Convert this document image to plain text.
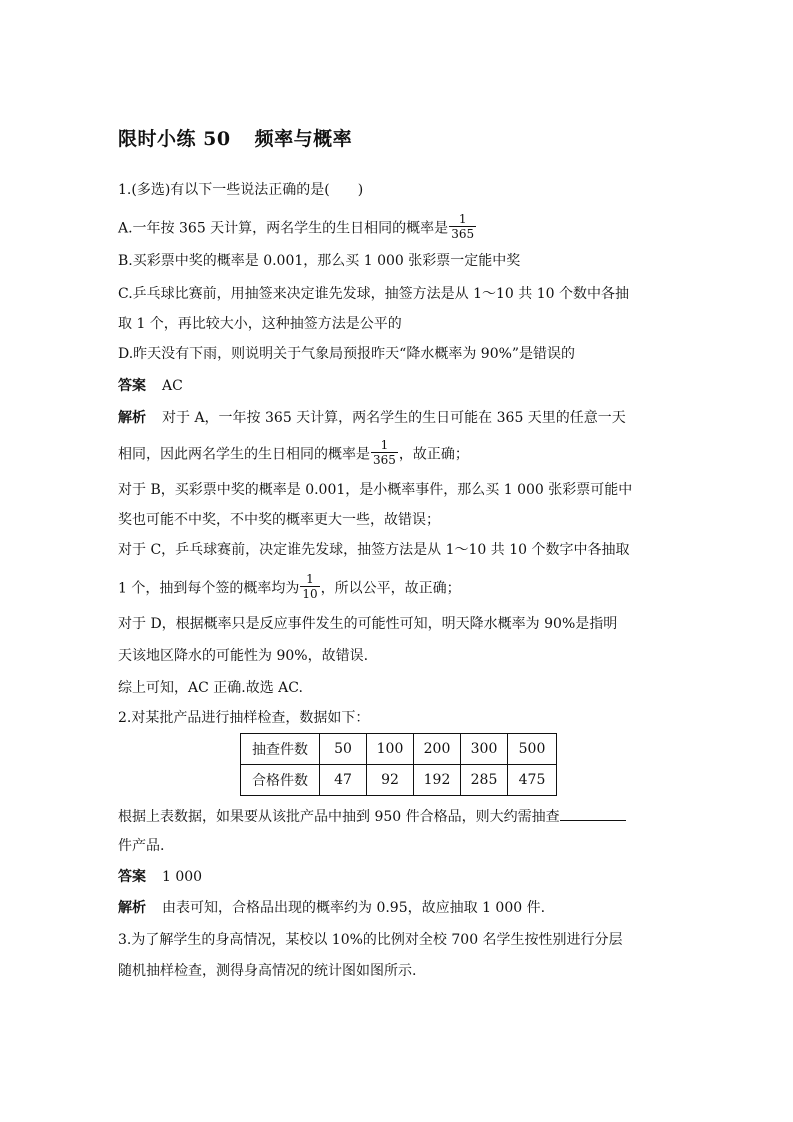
限时小练 50 频率与概率
1.(多选)有以下一些说法正确的是(　　)
A.一年按 365 天计算，两名学生的生日相同的概率是 $\frac{1}{365}$
B.买彩票中奖的概率是 0.001，那么买 1 000 张彩票一定能中奖
C.乒乓球比赛前，用抽签来决定谁先发球，抽签方法是从 1～10 共 10 个数中各抽
取 1 个，再比较大小，这种抽签方法是公平的
D.昨天没有下雨，则说明关于气象局预报昨天“降水概率为 90%”是错误的
答案 AC
解析 对于 A，一年按 365 天计算，两名学生的生日可能在 365 天里的任意一天
相同，因此两名学生的生日相同的概率是 $\frac{1}{365}$ ，故正确；
对于 B，买彩票中奖的概率是 0.001，是小概率事件，那么买 1 000 张彩票可能中
奖也可能不中奖，不中奖的概率更大一些，故错误；
对于 C，乒乓球赛前，决定谁先发球，抽签方法是从 1～10 共 10 个数字中各抽取
1 个，抽到每个签的概率均为 $\frac{1}{10}$ ，所以公平，故正确；
对于 D，根据概率只是反应事件发生的可能性可知，明天降水概率为 90%是指明
天该地区降水的可能性为 90%，故错误.
综上可知，AC 正确.故选 AC.
2.对某批产品进行抽样检查，数据如下：
抽查件数	50	100	200	300	500
合格件数	47	92	192	285	475
根据上表数据，如果要从该批产品中抽到 950 件合格品，则大约需抽查
件产品.
答案 1 000
解析 由表可知，合格品出现的概率约为 0.95，故应抽取 1 000 件.
3.为了解学生的身高情况，某校以 10%的比例对全校 700 名学生按性别进行分层
随机抽样检查，测得身高情况的统计图如图所示.
